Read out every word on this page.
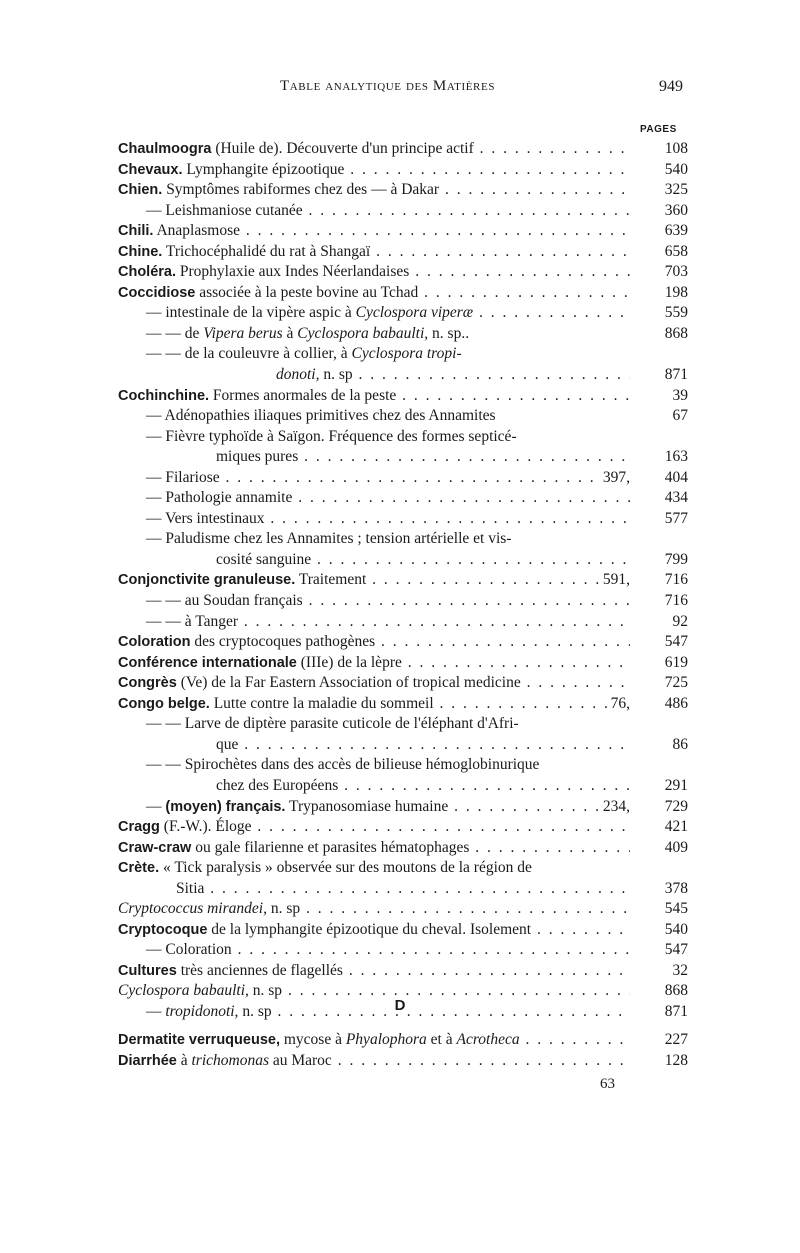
Table analytique des Matières	949
PAGES
Chaulmoogra (Huile de). Découverte d'un principe actif . . .	108
Chevaux. Lymphangite épizootique . . .	540
Chien. Symptômes rabiformes chez des — à Dakar . . .	325
— Leishmaniose cutanée . . .	360
Chili. Anaplasmose . . .	639
Chine. Trichocéphalidé du rat à Shangaï . . .	658
Choléra. Prophylaxie aux Indes Néerlandaises . . .	703
Coccidiose associée à la peste bovine au Tchad . . .	198
— intestinale de la vipère aspic à Cyclospora viperæ . . .	559
— — de Vipera berus à Cyclospora babaulti, n. sp..	868
— — de la couleuvre à collier, à Cyclospora tropi-
donoti, n. sp . . .	871
Cochinchine. Formes anormales de la peste . . .	39
— Adénopathies iliaques primitives chez des Annamites	67
— Fièvre typhoïde à Saïgon. Fréquence des formes septicé-
miques pures . . .	163
— Filariose . . .	397,	404
— Pathologie annamite . . .	434
— Vers intestinaux . . .	577
— Paludisme chez les Annamites ; tension artérielle et vis-
cosité sanguine . . .	799
Conjonctivite granuleuse. Traitement . . .	591,	716
— — au Soudan français . . .	716
— — à Tanger . . .	92
Coloration des cryptocoques pathogènes . . .	547
Conférence internationale (IIIe) de la lèpre . . .	619
Congrès (Ve) de la Far Eastern Association of tropical medicine . . .	725
Congo belge. Lutte contre la maladie du sommeil . . .	76,	486
— — Larve de diptère parasite cuticole de l'éléphant d'Afri-
que . . .	86
— — Spirochètes dans des accès de bilieuse hémoglobinurique
chez des Européens . . .	291
— (moyen) français. Trypanosomiase humaine . . .	234,	729
Cragg (F.-W.). Éloge . . .	421
Craw-craw ou gale filarienne et parasites hématophages . . .	409
Crète. « Tick paralysis » observée sur des moutons de la région de
Sitia . . .	378
Cryptococcus mirandei, n. sp . . .	545
Cryptocoque de la lymphangite épizootique du cheval. Isolement . . .	540
— Coloration . . .	547
Cultures très anciennes de flagellés . . .	32
Cyclospora babaulti, n. sp . . .	868
— tropidonoti, n. sp . . .	871
D
Dermatite verruqueuse, mycose à Phyalophora et à Acrotheca . . .	227
Diarrhée à trichomonas au Maroc . . .	128
63
